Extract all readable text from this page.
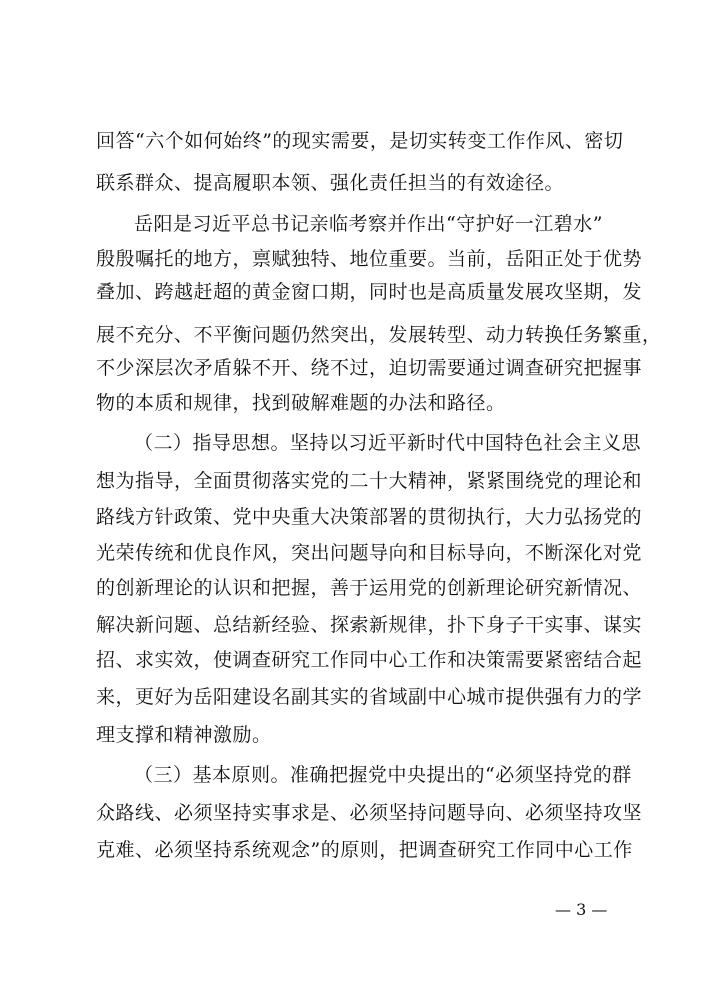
回答“六个如何始终”的现实需要，是切实转变工作作风、密切
联系群众、提高履职本领、强化责任担当的有效途径。
岳阳是习近平总书记亲临考察并作出“守护好一江碧水”
殷殷嘱托的地方，禀赋独特、地位重要。当前，岳阳正处于优势
叠加、跨越赶超的黄金窗口期，同时也是高质量发展攻坚期，发
展不充分、不平衡问题仍然突出，发展转型、动力转换任务繁重，
不少深层次矛盾躲不开、绕不过，迫切需要通过调查研究把握事
物的本质和规律，找到破解难题的办法和路径。
（二）指导思想。坚持以习近平新时代中国特色社会主义思
想为指导，全面贯彻落实党的二十大精神，紧紧围绕党的理论和
路线方针政策、党中央重大决策部署的贯彻执行，大力弘扬党的
光荣传统和优良作风，突出问题导向和目标导向，不断深化对党
的创新理论的认识和把握，善于运用党的创新理论研究新情况、
解决新问题、总结新经验、探索新规律，扑下身子干实事、谋实
招、求实效，使调查研究工作同中心工作和决策需要紧密结合起
来，更好为岳阳建设名副其实的省域副中心城市提供强有力的学
理支撑和精神激励。
（三）基本原则。准确把握党中央提出的“必须坚持党的群
众路线、必须坚持实事求是、必须坚持问题导向、必须坚持攻坚
克难、必须坚持系统观念”的原则，把调查研究工作同中心工作
— 3 —
